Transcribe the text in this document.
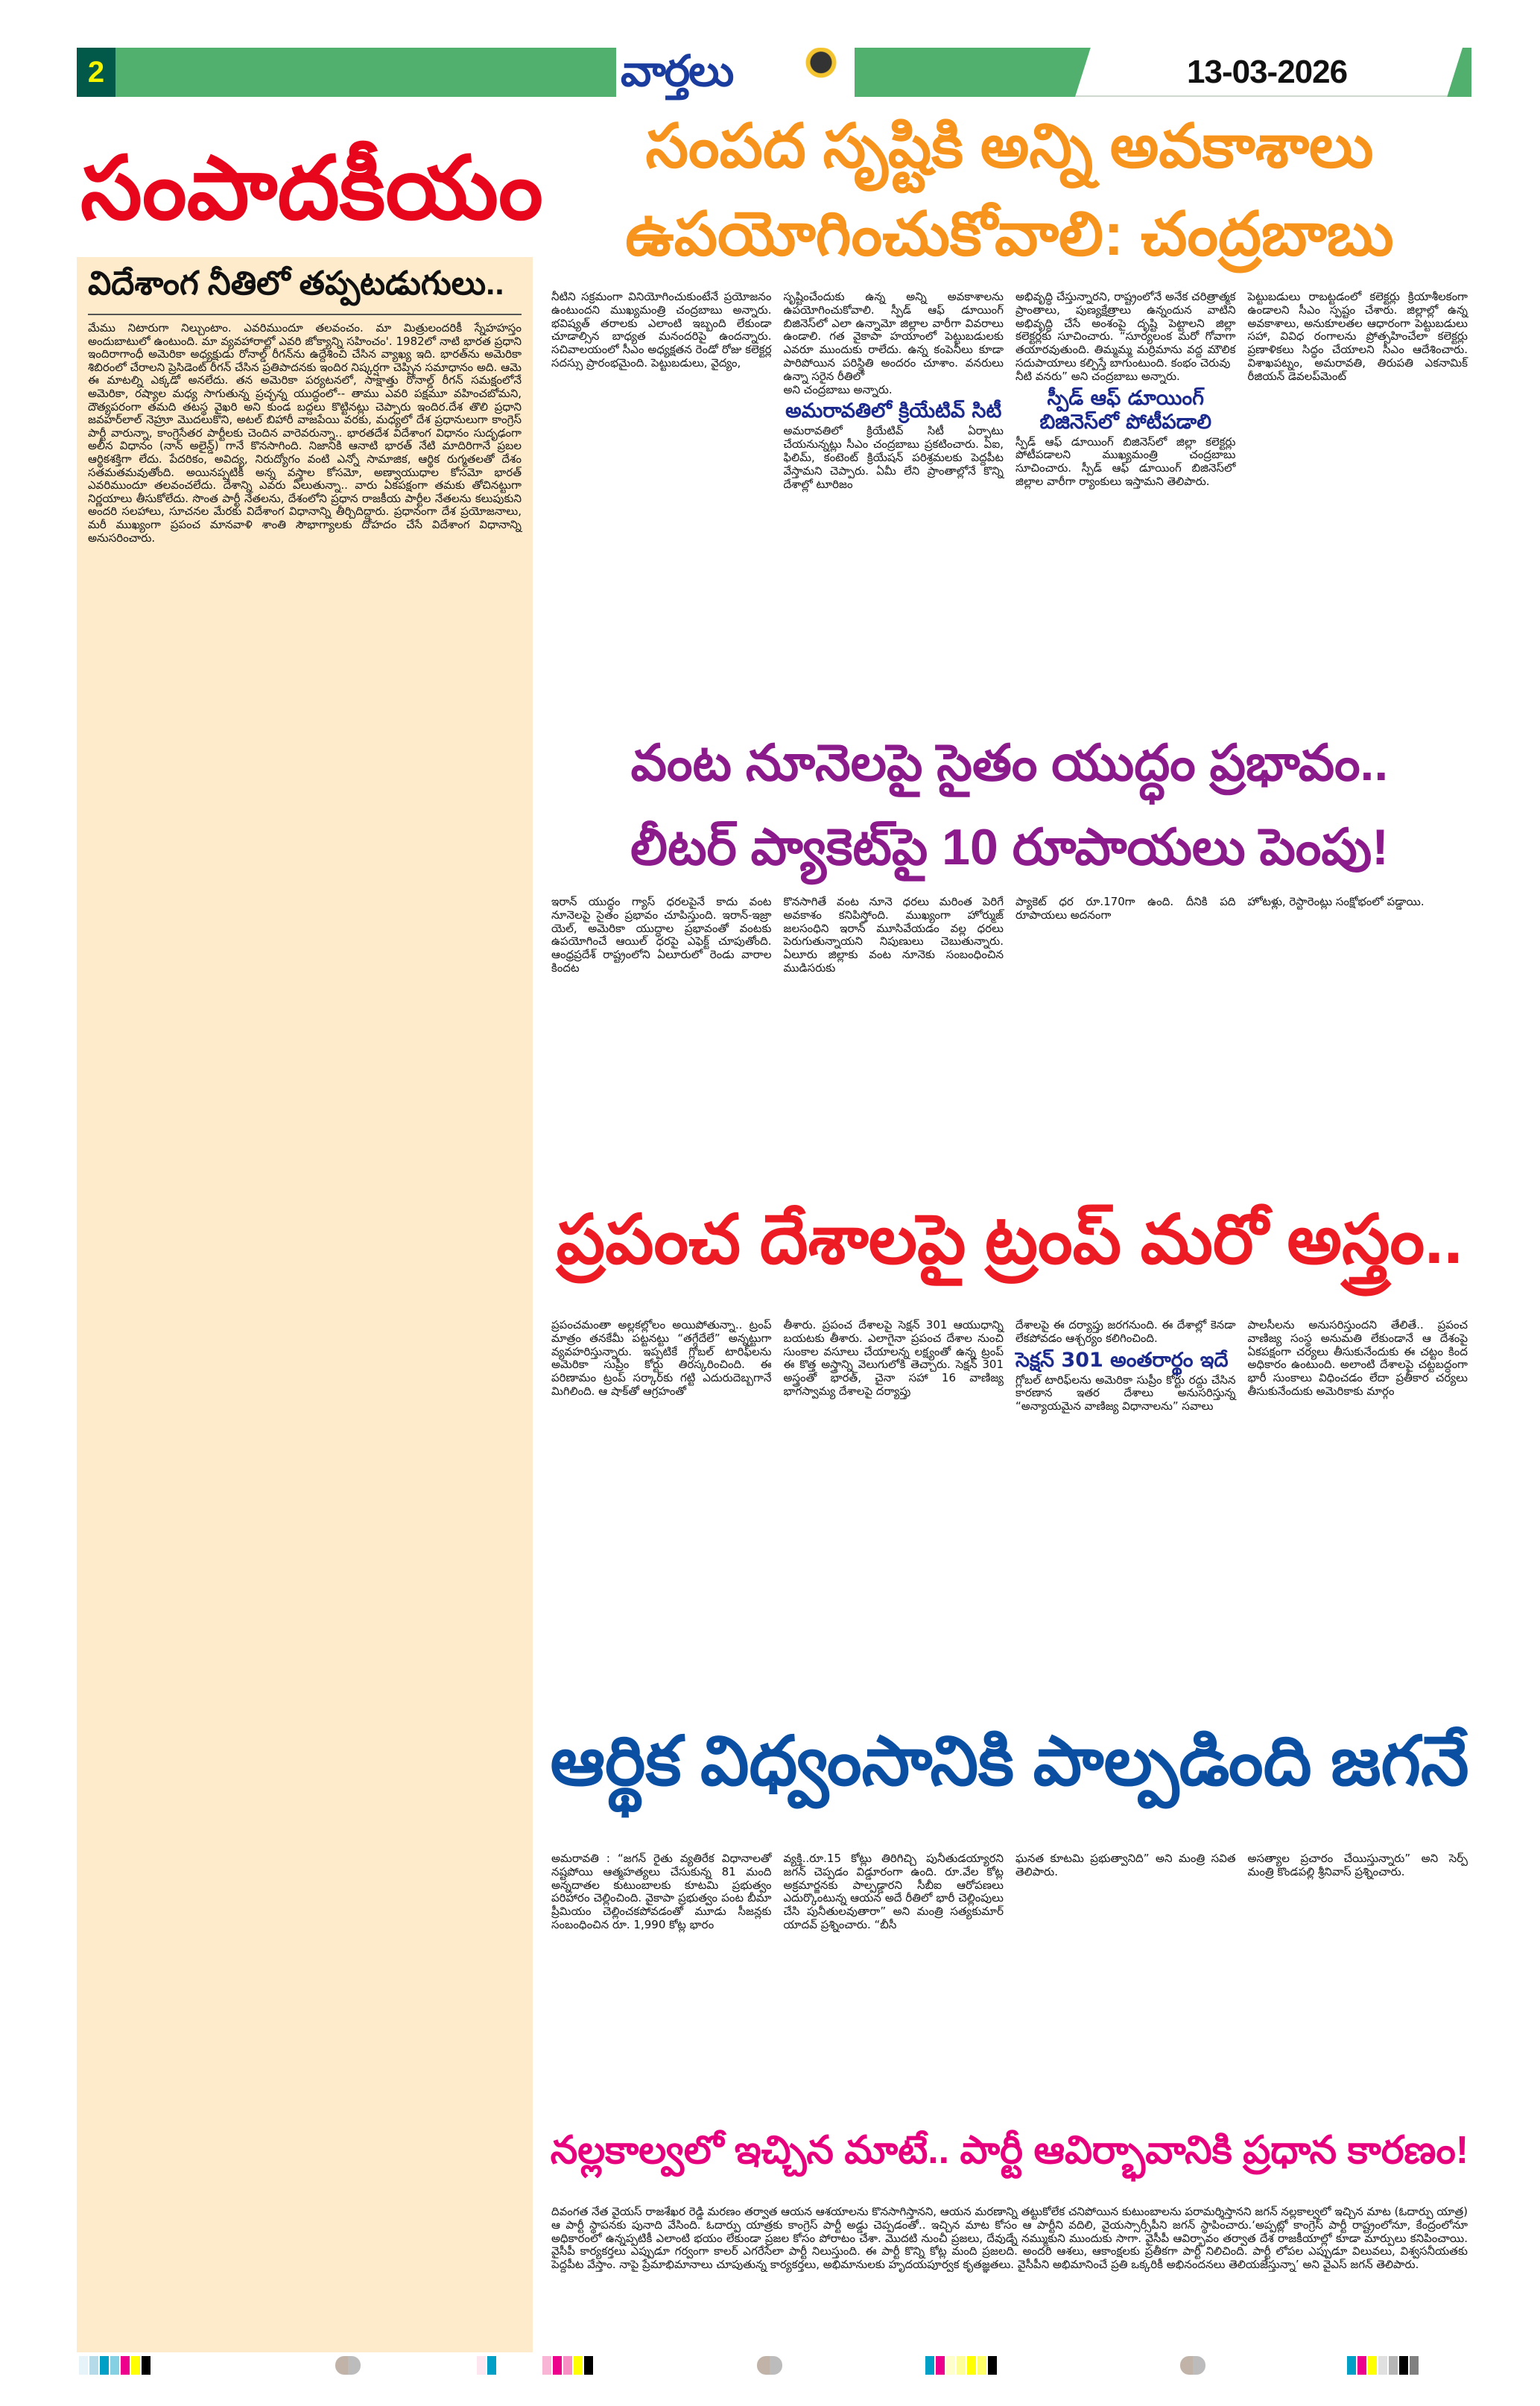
2	వార్తలు	13-03-2026
సంపాదకీయం
విదేశాంగ నీతిలో తప్పటడుగులు..

మేము నిటారుగా నిల్చుంటాం. ఎవరిముందూ తలవంచం. మా మిత్రులందరికీ స్నేహహస్తం అందుబాటులో ఉంటుంది. మా వ్యవహారాల్లో ఎవరి జోక్యాన్ని సహించం'. 1982లో నాటి భారత ప్రధాని ఇందిరాగాంధీ అమెరికా అధ్యక్షుడు రోనాల్డ్ రీగన్‌ను ఉద్దేశించి చేసిన వ్యాఖ్య ఇది. భారత్‌ను అమెరికా శిబిరంలో చేరాలని ప్రెసిడెంట్ రీగన్ చేసిన ప్రతిపాదనకు ఇందిర నిష్కర్షగా చెప్పిన సమాధానం అది. ఆమె ఈ మాటల్ని ఎక్కడో అనలేదు. తన అమెరికా పర్యటనలో, సాక్షాత్తు రోనాల్డ్ రీగన్ సమక్షంలోనే అమెరికా, రష్యాల మధ్య సాగుతున్న ప్రచ్ఛన్న యుద్ధంలో-- తాము ఎవరి పక్షమూ వహించబోమని, దౌత్యపరంగా తమది తటస్థ వైఖరి అని కుండ బద్దలు కొట్టినట్లు చెప్పారు ఇందిర.దేశ తొలి ప్రధాని జవహర్‌లాల్ నెహ్రూ మొదలుకొని, అటల్ బిహారీ వాజపేయి వరకు, మధ్యలో దేశ ప్రధానులుగా కాంగ్రెస్ పార్టీ వారున్నా, కాంగ్రెసేతర పార్టీలకు చెందిన వారెవరున్నా.. భారతదేశ విదేశాంగ విధానం సుదృఢంగా అలీన విధానం (నాన్ అలైన్డ్) గానే కొనసాగింది. నిజానికి ఆనాటి భారత్ నేటి మాదిరిగానే ప్రబల ఆర్థికశక్తిగా లేదు. పేదరికం, అవిద్య, నిరుద్యోగం వంటి ఎన్నో సామాజిక, ఆర్థిక రుగ్మతలతో దేశం సతమతమవుతోంది. అయినప్పటికీ అన్న వస్త్రాల కోసమో, అణ్వాయుధాల కోసమో భారత్ ఎవరిముందూ తలవంచలేదు. దేశాన్ని ఎవరు ఏలుతున్నా.. వారు ఏకపక్షంగా తమకు తోచినట్టుగా నిర్ణయాలు తీసుకోలేదు. సొంత పార్టీ నేతలను, దేశంలోని ప్రధాన రాజకీయ పార్టీల నేతలను కలుపుకుని అందరి సలహాలు, సూచనల మేరకు విదేశాంగ విధానాన్ని తీర్చిదిద్దారు. ప్రధానంగా దేశ ప్రయోజనాలు, మరీ ముఖ్యంగా ప్రపంచ మానవాళి శాంతి సౌభాగ్యాలకు దోహదం చేసే విదేశాంగ విధానాన్ని అనుసరించారు.

సంపద సృష్టికి అన్ని అవకాశాలు
ఉపయోగించుకోవాలి: చంద్రబాబు

నీటిని సక్రమంగా వినియోగించుకుంటేనే ప్రయోజనం ఉంటుందని ముఖ్యమంత్రి చంద్రబాబు అన్నారు. భవిష్యత్ తరాలకు ఎలాంటి ఇబ్బంది లేకుండా చూడాల్సిన బాధ్యత మనందరిపై ఉందన్నారు. సచివాలయంలో సీఎం అధ్యక్షతన రెండో రోజు కలెక్టర్ల సదస్సు ప్రారంభమైంది. పెట్టుబడులు, వైద్యం,

సృష్టించేందుకు ఉన్న అన్ని అవకాశాలను ఉపయోగించుకోవాలి. స్పీడ్ ఆఫ్ డూయింగ్ బిజినెస్‌లో ఎలా ఉన్నామో జిల్లాల వారీగా వివరాలు ఉండాలి. గత వైకాపా హయాంలో పెట్టుబడులకు ఎవరూ ముందుకు రాలేదు. ఉన్న కంపెనీలు కూడా పారిపోయిన పరిస్థితి అందరం చూశాం. వనరులు ఉన్నా సరైన రీతిలో

అని చంద్రబాబు అన్నారు.

అమరావతిలో క్రియేటివ్ సిటీ

అమరావతిలో క్రియేటివ్ సిటీ ఏర్పాటు చేయనున్నట్లు సీఎం చంద్రబాబు ప్రకటించారు. ఏఐ, ఫిలిమ్, కంటెంట్ క్రియేషన్ పరిశ్రమలకు పెద్దపీట వేస్తామని చెప్పారు. ఏమీ లేని ప్రాంతాల్లోనే కొన్ని దేశాల్లో టూరిజం

అభివృద్ధి చేస్తున్నారని, రాష్ట్రంలోనే అనేక చరిత్రాత్మక ప్రాంతాలు, పుణ్యక్షేత్రాలు ఉన్నందున వాటిని అభివృద్ధి చేసే అంశంపై దృష్టి పెట్టాలని జిల్లా కలెక్టర్లకు సూచించారు. “సూర్యలంక మరో గోవాగా తయారవుతుంది. తిమ్మమ్మ మర్రిమాను వద్ద మౌలిక సదుపాయాలు కల్పిస్తే బాగుంటుంది. కంభం చెరువు

నీటి వనరు” అని చంద్రబాబు అన్నారు.

స్పీడ్ ఆఫ్ డూయింగ్ బిజినెస్‌లో పోటీపడాలి

స్పీడ్ ఆఫ్ డూయింగ్ బిజినెస్‌లో జిల్లా కలెక్టర్లు పోటీపడాలని ముఖ్యమంత్రి చంద్రబాబు సూచించారు. స్పీడ్ ఆఫ్ డూయింగ్ బిజినెస్‌లో జిల్లాల వారీగా ర్యాంకులు ఇస్తామని తెలిపారు.

పెట్టుబడులు రాబట్టడంలో కలెక్టర్లు క్రియాశీలకంగా ఉండాలని సీఎం స్పష్టం చేశారు. జిల్లాల్లో ఉన్న అవకాశాలు, అనుకూలతల ఆధారంగా పెట్టుబడులు సహా, వివిధ రంగాలను ప్రోత్సహించేలా కలెక్టర్లు ప్రణాళికలు సిద్ధం చేయాలని సీఎం ఆదేశించారు. విశాఖపట్నం, అమరావతి, తిరుపతి ఎకనామిక్ రీజియన్ డెవలప్‌మెంట్

వంట నూనెలపై సైతం యుద్ధం ప్రభావం..
లీటర్ ప్యాకెట్‌పై 10 రూపాయలు పెంపు!

ఇరాన్ యుద్ధం గ్యాస్ ధరలపైనే కాదు వంట నూనెలపై సైతం ప్రభావం చూపిస్తుంది. ఇరాన్-ఇజ్రా యెల్, అమెరికా యుద్ధాల ప్రభావంతో వంటకు ఉపయోగించే ఆయిల్ ధరపై ఎఫెక్ట్ చూపుతోంది. ఆంధ్రప్రదేశ్ రాష్ట్రంలోని ఏలూరులో రెండు వారాల కిందట

కొనసాగితే వంట నూనె ధరలు మరింత పెరిగే అవకాశం కనిపిస్తోంది. ముఖ్యంగా హోర్ముజ్ జలసంధిని ఇరాన్ మూసివేయడం వల్ల ధరలు పెరుగుతున్నాయని నిపుణులు చెబుతున్నారు. ఏలూరు జిల్లాకు వంట నూనెకు సంబంధించిన ముడిసరుకు

ప్యాకెట్ ధర రూ.170గా ఉంది. దీనికి పది రూపాయలు అదనంగా

హోటళ్లు, రెస్టారెంట్లు సంక్షోభంలో పడ్డాయి.

ప్రపంచ దేశాలపై ట్రంప్ మరో అస్త్రం..

ప్రపంచమంతా అల్లకల్లోలం అయిపోతున్నా.. ట్రంప్ మాత్రం తనకేమీ పట్టనట్టు “తగ్గేదేలే” అన్నట్టుగా వ్యవహరిస్తున్నారు. ఇప్పటికే గ్లోబల్ టారిఫ్‌లను అమెరికా సుప్రీం కోర్టు తిరస్కరించింది. ఈ పరిణామం ట్రంప్ సర్కార్‌కు గట్టి ఎదురుదెబ్బగానే మిగిలింది. ఆ షాక్‌తో ఆగ్రహంతో

తీశారు. ప్రపంచ దేశాలపై సెక్షన్ 301 ఆయుధాన్ని బయటకు తీశారు. ఎలాగైనా ప్రపంచ దేశాల నుంచి సుంకాల వసూలు చేయాలన్న లక్ష్యంతో ఉన్న ట్రంప్ ఈ కొత్త అస్త్రాన్ని వెలుగులోకి తెచ్చారు. సెక్షన్ 301 అస్త్రంతో భారత్, చైనా సహా 16 వాణిజ్య భాగస్వామ్య దేశాలపై దర్యాప్తు

దేశాలపై ఈ దర్యాప్తు జరగనుంది. ఈ దేశాల్లో కెనడా లేకపోవడం ఆశ్చర్యం కలిగించింది.

సెక్షన్ 301 అంతరార్థం ఇదే

గ్లోబల్ టారిఫ్‌లను అమెరికా సుప్రీం కోర్టు రద్దు చేసిన కారణాన ఇతర దేశాలు అనుసరిస్తున్న “అన్యాయమైన వాణిజ్య విధానాలను” సవాలు

పాలసీలను అనుసరిస్తుందని తేలితే.. ప్రపంచ వాణిజ్య సంస్థ అనుమతి లేకుండానే ఆ దేశంపై ఏకపక్షంగా చర్యలు తీసుకునేందుకు ఈ చట్టం కింద అధికారం ఉంటుంది. అలాంటి దేశాలపై చట్టబద్ధంగా భారీ సుంకాలు విధించడం లేదా ప్రతీకార చర్యలు తీసుకునేందుకు అమెరికాకు మార్గం

ఆర్థిక విధ్వంసానికి పాల్పడింది జగనే

అమరావతి : “జగన్ రైతు వ్యతిరేక విధానాలతో నష్టపోయి ఆత్మహత్యలు చేసుకున్న 81 మంది అన్నదాతల కుటుంబాలకు కూటమి ప్రభుత్వం పరిహారం చెల్లించింది. వైకాపా ప్రభుత్వం పంట బీమా ప్రీమియం చెల్లించకపోవడంతో మూడు సీజన్లకు సంబంధించిన రూ. 1,990 కోట్ల భారం

వ్యక్తి..రూ.15 కోట్లు తిరిగిచ్చి పునీతుడయ్యారని జగన్ చెప్పడం విడ్డూరంగా ఉంది. రూ.వేల కోట్ల అక్రమార్జనకు పాల్పడ్డారని సీబీఐ ఆరోపణలు ఎదుర్కొంటున్న ఆయన అదే రీతిలో భారీ చెల్లింపులు చేసి పునీతులవుతారా” అని మంత్రి సత్యకుమార్ యాదవ్ ప్రశ్నించారు. “బీసీ

ఘనత కూటమి ప్రభుత్వానిది” అని మంత్రి సవిత తెలిపారు.

అసత్యాల ప్రచారం చేయిస్తున్నారు” అని సెర్ప్ మంత్రి కొండపల్లి శ్రీనివాస్ ప్రశ్నించారు.

నల్లకాల్వలో ఇచ్చిన మాటే.. పార్టీ ఆవిర్భావానికి ప్రధాన కారణం!

దివంగత నేత వైయస్ రాజశేఖర రెడ్డి మరణం తర్వాత ఆయన ఆశయాలను కొనసాగిస్తానని, ఆయన మరణాన్ని తట్టుకోలేక చనిపోయిన కుటుంబాలను పరామర్శిస్తానని జగన్ నల్లకాల్వలో ఇచ్చిన మాట (ఓదార్పు యాత్ర) ఆ పార్టీ స్థాపనకు పునాది వేసింది. ఓదార్పు యాత్రకు కాంగ్రెస్ పార్టీ అడ్డు చెప్పడంతో.. ఇచ్చిన మాట కోసం ఆ పార్టీని వదిలి, వైయస్సార్సీపీని జగన్ స్థాపించారు.‘అప్పట్లో కాంగ్రెస్ పార్టీ రాష్ట్రంలోనూ, కేంద్రంలోనూ అధికారంలో ఉన్నప్పటికీ ఎలాంటి భయం లేకుండా ప్రజల కోసం పోరాటం చేశా. మొదటి నుంచీ ప్రజలు, దేవుడ్నే నమ్ముకుని ముందుకు సాగా. వైసీపీ ఆవిర్భావం తర్వాత దేశ రాజకీయాల్లో కూడా మార్పులు కనిపించాయి. వైసీపీ కార్యకర్తలు ఎప్పుడూ గర్వంగా కాలర్ ఎగరేసేలా పార్టీ నిలుస్తుంది. ఈ పార్టీ కొన్ని కోట్ల మంది ప్రజలది. అందరి ఆశలు, ఆకాంక్షలకు ప్రతీకగా పార్టీ నిలిచింది. పార్టీ లోపల ఎప్పుడూ విలువలు, విశ్వసనీయతకు పెద్దపీట వేస్తాం. నాపై ప్రేమాభిమానాలు చూపుతున్న కార్యకర్తలు, అభిమానులకు హృదయపూర్వక కృతజ్ఞతలు. వైసీపీని అభిమానించే ప్రతి ఒక్కరికీ అభినందనలు తెలియజేస్తున్నా’ అని వైఎస్ జగన్ తెలిపారు.
